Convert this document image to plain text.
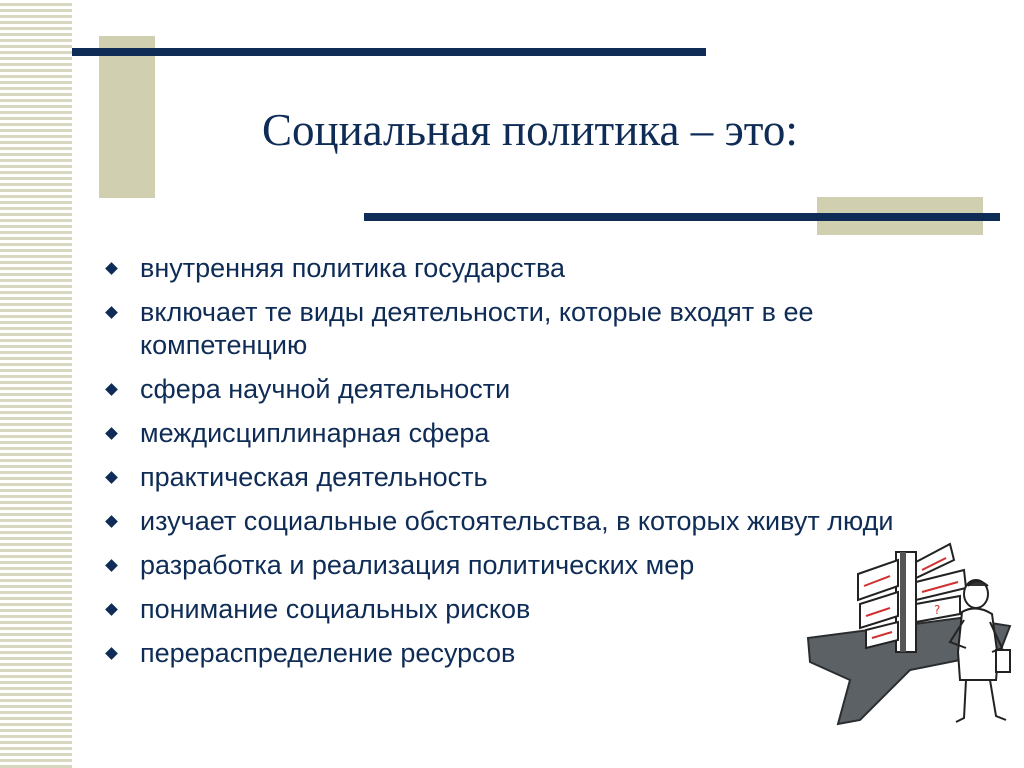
Социальная политика – это:
внутренняя политика государства
включает те виды деятельности, которые входят в ее компетенцию
сфера научной деятельности
междисциплинарная сфера
практическая деятельность
изучает социальные обстоятельства, в которых живут люди
разработка и реализация политических мер
понимание социальных рисков
перераспределение ресурсов
?
